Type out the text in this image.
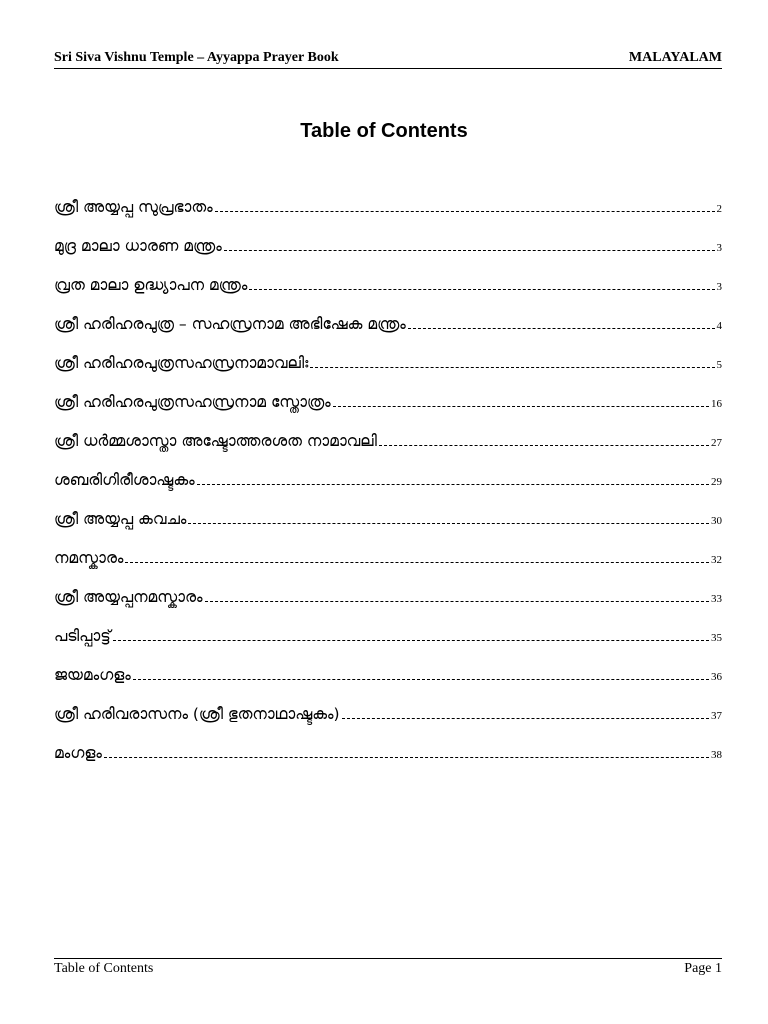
Sri Siva Vishnu Temple – Ayyappa Prayer Book	MALAYALAM
Table of Contents
ശ്രീ അയ്യപ്പ സുപ്രഭാതം	2
മുദ്ര മാലാ ധാരണ മന്ത്രം	3
വ്രത മാലാ ഉദ്ധ്യാപന മന്ത്രം	3
ശ്രീ ഹരിഹരപുത്ര – സഹസ്രനാമ അഭിഷേക മന്ത്രം	4
ശ്രീ ഹരിഹരപുത്രസഹസ്രനാമാവലിഃ	5
ശ്രീ ഹരിഹരപുത്രസഹസ്രനാമ സ്തോത്രം	16
ശ്രീ ധർമ്മശാസ്താ അഷ്ടോത്തരശത നാമാവലി	27
ശബരിഗിരീശാഷ്ടകം	29
ശ്രീ അയ്യപ്പ കവചം	30
നമസ്കാരം	32
ശ്രീ അയ്യപ്പനമസ്കാരം	33
പടിപ്പാട്ട്	35
ജയമംഗളം	36
ശ്രീ ഹരിവരാസനം (ശ്രീ ഭുതനാഥാഷ്ടകം)	37
മംഗളം	38
Table of Contents	Page 1
